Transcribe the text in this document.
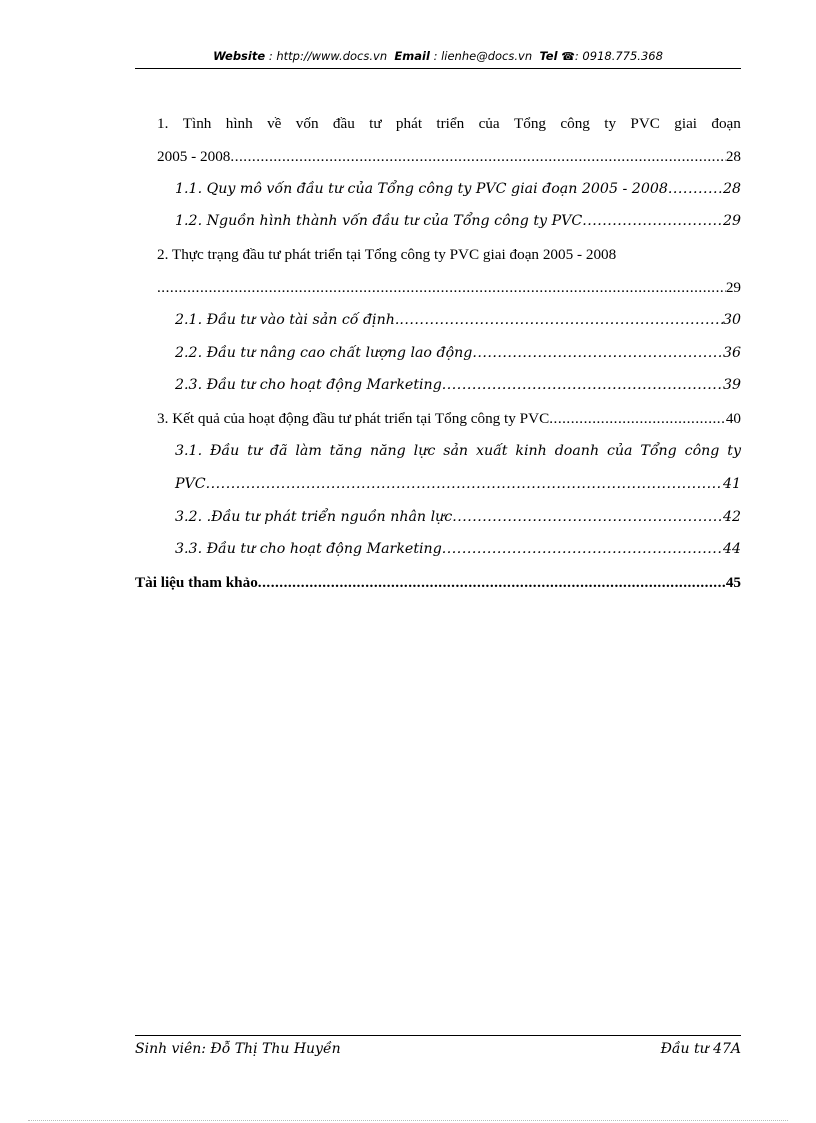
Website : http://www.docs.vn Email : lienhe@docs.vn Tel ☎: 0918.775.368
1. Tình hình về vốn đầu tư phát triển của Tổng công ty PVC giai đoạn
2005 - 2008 .....	28
1.1. Quy mô vốn đầu tư của Tổng công ty PVC giai đoạn 2005 - 2008 .....	28
1.2. Nguồn hình thành vốn đầu tư của Tổng công ty PVC .....	29
2. Thực trạng đầu tư phát triển tại Tổng công ty PVC giai đoạn 2005 - 2008
.....
29
2.1. Đầu tư vào tài sản cố định. .....	30
2.2. Đầu tư nâng cao chất lượng lao động .....	36
2.3. Đầu tư cho hoạt động Marketing .....	39
3. Kết quả của hoạt động đầu tư phát triển tại Tổng công ty PVC .....	40
3.1. Đầu tư đã làm tăng năng lực sản xuất kinh doanh của Tổng công ty
PVC .....	41
3.2. .Đầu tư phát triển nguồn nhân lực .....	42
3.3. Đầu tư cho hoạt động Marketing .....	44
Tài liệu tham khảo .....	45
Sinh viên: Đỗ Thị Thu Huyền	Đầu tư 47A
